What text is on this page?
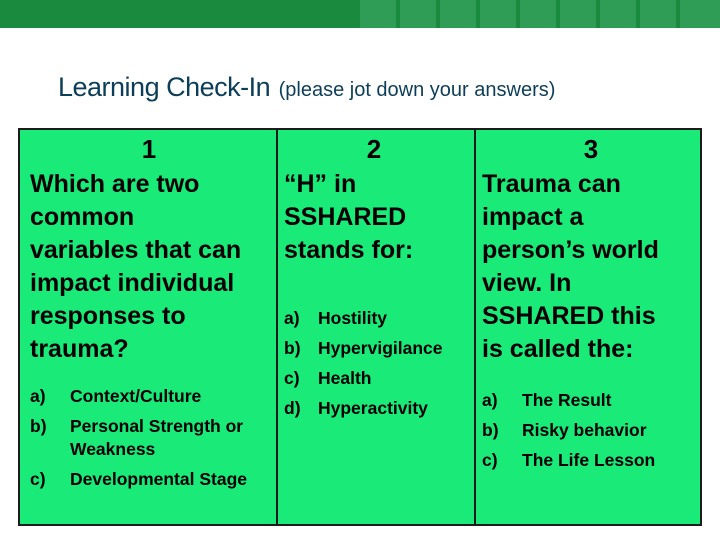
Learning Check-In (please jot down your answers)
1
Which are two
common
variables that can
impact individual
responses to
trauma?
a)	Context/Culture
b)	Personal Strength or Weakness
c)	Developmental Stage
2
“H” in
SSHARED
stands for:
a)	Hostility
b) Hypervigilance
c)	Health
d) Hyperactivity
3
Trauma can
impact a
person’s world
view. In
SSHARED this
is called the:
a)	The Result
b)	Risky behavior
c)	The Life Lesson
